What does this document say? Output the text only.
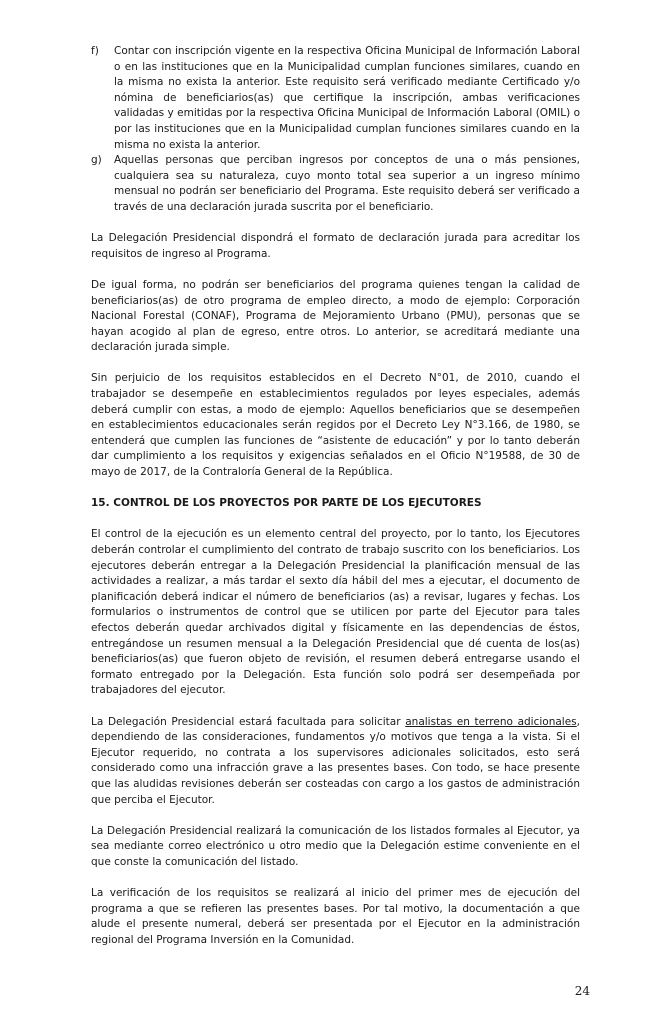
f)	Contar con inscripción vigente en la respectiva Oficina Municipal de Información Laboral o en las instituciones que en la Municipalidad cumplan funciones similares, cuando en la misma no exista la anterior. Este requisito será verificado mediante Certificado y/o nómina de beneficiarios(as) que certifique la inscripción, ambas verificaciones validadas y emitidas por la respectiva Oficina Municipal de Información Laboral (OMIL) o por las instituciones que en la Municipalidad cumplan funciones similares cuando en la misma no exista la anterior.
g)	Aquellas personas que perciban ingresos por conceptos de una o más pensiones, cualquiera sea su naturaleza, cuyo monto total sea superior a un ingreso mínimo mensual no podrán ser beneficiario del Programa. Este requisito deberá ser verificado a través de una declaración jurada suscrita por el beneficiario.

La Delegación Presidencial dispondrá el formato de declaración jurada para acreditar los requisitos de ingreso al Programa.

De igual forma, no podrán ser beneficiarios del programa quienes tengan la calidad de beneficiarios(as) de otro programa de empleo directo, a modo de ejemplo: Corporación Nacional Forestal (CONAF), Programa de Mejoramiento Urbano (PMU), personas que se hayan acogido al plan de egreso, entre otros. Lo anterior, se acreditará mediante una declaración jurada simple.

Sin perjuicio de los requisitos establecidos en el Decreto N°01, de 2010, cuando el trabajador se desempeñe en establecimientos regulados por leyes especiales, además deberá cumplir con estas, a modo de ejemplo: Aquellos beneficiarios que se desempeñen en establecimientos educacionales serán regidos por el Decreto Ley N°3.166, de 1980, se entenderá que cumplen las funciones de “asistente de educación” y por lo tanto deberán dar cumplimiento a los requisitos y exigencias señalados en el Oficio N°19588, de 30 de mayo de 2017, de la Contraloría General de la República.

15. CONTROL DE LOS PROYECTOS POR PARTE DE LOS EJECUTORES

El control de la ejecución es un elemento central del proyecto, por lo tanto, los Ejecutores deberán controlar el cumplimiento del contrato de trabajo suscrito con los beneficiarios. Los ejecutores deberán entregar a la Delegación Presidencial la planificación mensual de las actividades a realizar, a más tardar el sexto día hábil del mes a ejecutar, el documento de planificación deberá indicar el número de beneficiarios (as) a revisar, lugares y fechas. Los formularios o instrumentos de control que se utilicen por parte del Ejecutor para tales efectos deberán quedar archivados digital y físicamente en las dependencias de éstos, entregándose un resumen mensual a la Delegación Presidencial que dé cuenta de los(as) beneficiarios(as) que fueron objeto de revisión, el resumen deberá entregarse usando el formato entregado por la Delegación. Esta función solo podrá ser desempeñada por trabajadores del ejecutor.

La Delegación Presidencial estará facultada para solicitar analistas en terreno adicionales, dependiendo de las consideraciones, fundamentos y/o motivos que tenga a la vista. Si el Ejecutor requerido, no contrata a los supervisores adicionales solicitados, esto será considerado como una infracción grave a las presentes bases. Con todo, se hace presente que las aludidas revisiones deberán ser costeadas con cargo a los gastos de administración que perciba el Ejecutor.

La Delegación Presidencial realizará la comunicación de los listados formales al Ejecutor, ya sea mediante correo electrónico u otro medio que la Delegación estime conveniente en el que conste la comunicación del listado.

La verificación de los requisitos se realizará al inicio del primer mes de ejecución del programa a que se refieren las presentes bases. Por tal motivo, la documentación a que alude el presente numeral, deberá ser presentada por el Ejecutor en la administración regional del Programa Inversión en la Comunidad.

24
